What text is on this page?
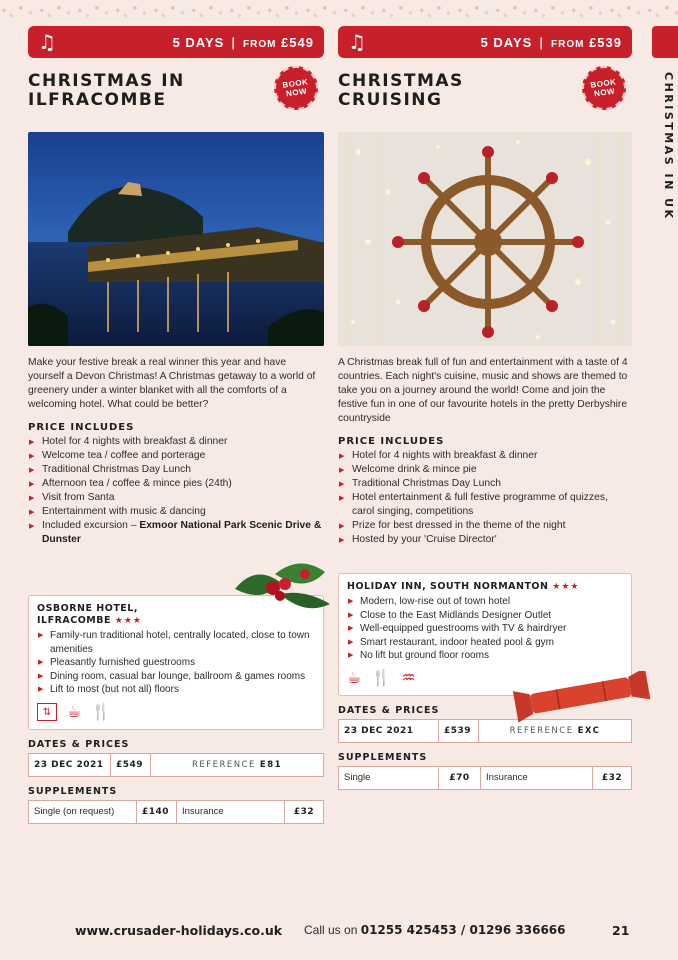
♫	5 DAYS | FROM £549
CHRISTMAS IN
ILFRACOMBE
BOOK
NOW

Make your festive break a real winner this year and have yourself a Devon Christmas! A Christmas getaway to a world of greenery under a winter blanket with all the comforts of a welcoming hotel. What could be better?

PRICE INCLUDES
▶ Hotel for 4 nights with breakfast & dinner
▶ Welcome tea / coffee and porterage
▶ Traditional Christmas Day Lunch
▶ Afternoon tea / coffee & mince pies (24th)
▶ Visit from Santa
▶ Entertainment with music & dancing
▶ Included excursion – Exmoor National Park Scenic Drive & Dunster
OSBORNE HOTEL,
ILFRACOMBE ★★★
▶ Family-run traditional hotel, centrally located, close to town amenities
▶ Pleasantly furnished guestrooms
▶ Dining room, casual bar lounge, ballroom & games rooms
▶ Lift to most (but not all) floors
⇅ ☕ 🍴
DATES & PRICES
23 DEC 2021	£549	REFERENCE E81
SUPPLEMENTS
Single (on request)	£140	Insurance	£32
♫	5 DAYS | FROM £539
CHRISTMAS
CRUISING
BOOK
NOW

A Christmas break full of fun and entertainment with a taste of 4 countries. Each night's cuisine, music and shows are themed to take you on a journey around the world! Come and join the festive fun in one of our favourite hotels in the pretty Derbyshire countryside

PRICE INCLUDES
▶ Hotel for 4 nights with breakfast & dinner
▶ Welcome drink & mince pie
▶ Traditional Christmas Day Lunch
▶ Hotel entertainment & full festive programme of quizzes, carol singing, competitions
▶ Prize for best dressed in the theme of the night
▶ Hosted by your 'Cruise Director'
HOLIDAY INN, SOUTH NORMANTON ★★★
▶ Modern, low-rise out of town hotel
▶ Close to the East Midlands Designer Outlet
▶ Well-equipped guestrooms with TV & hairdryer
▶ Smart restaurant, indoor heated pool & gym
▶ No lift but ground floor rooms
☕ 🍴 ♒
DATES & PRICES
23 DEC 2021	£539	REFERENCE EXC
SUPPLEMENTS
Single	£70	Insurance	£32
CHRISTMAS IN UK
www.crusader-holidays.co.uk Call us on 01255 425453 / 01296 336666	21
